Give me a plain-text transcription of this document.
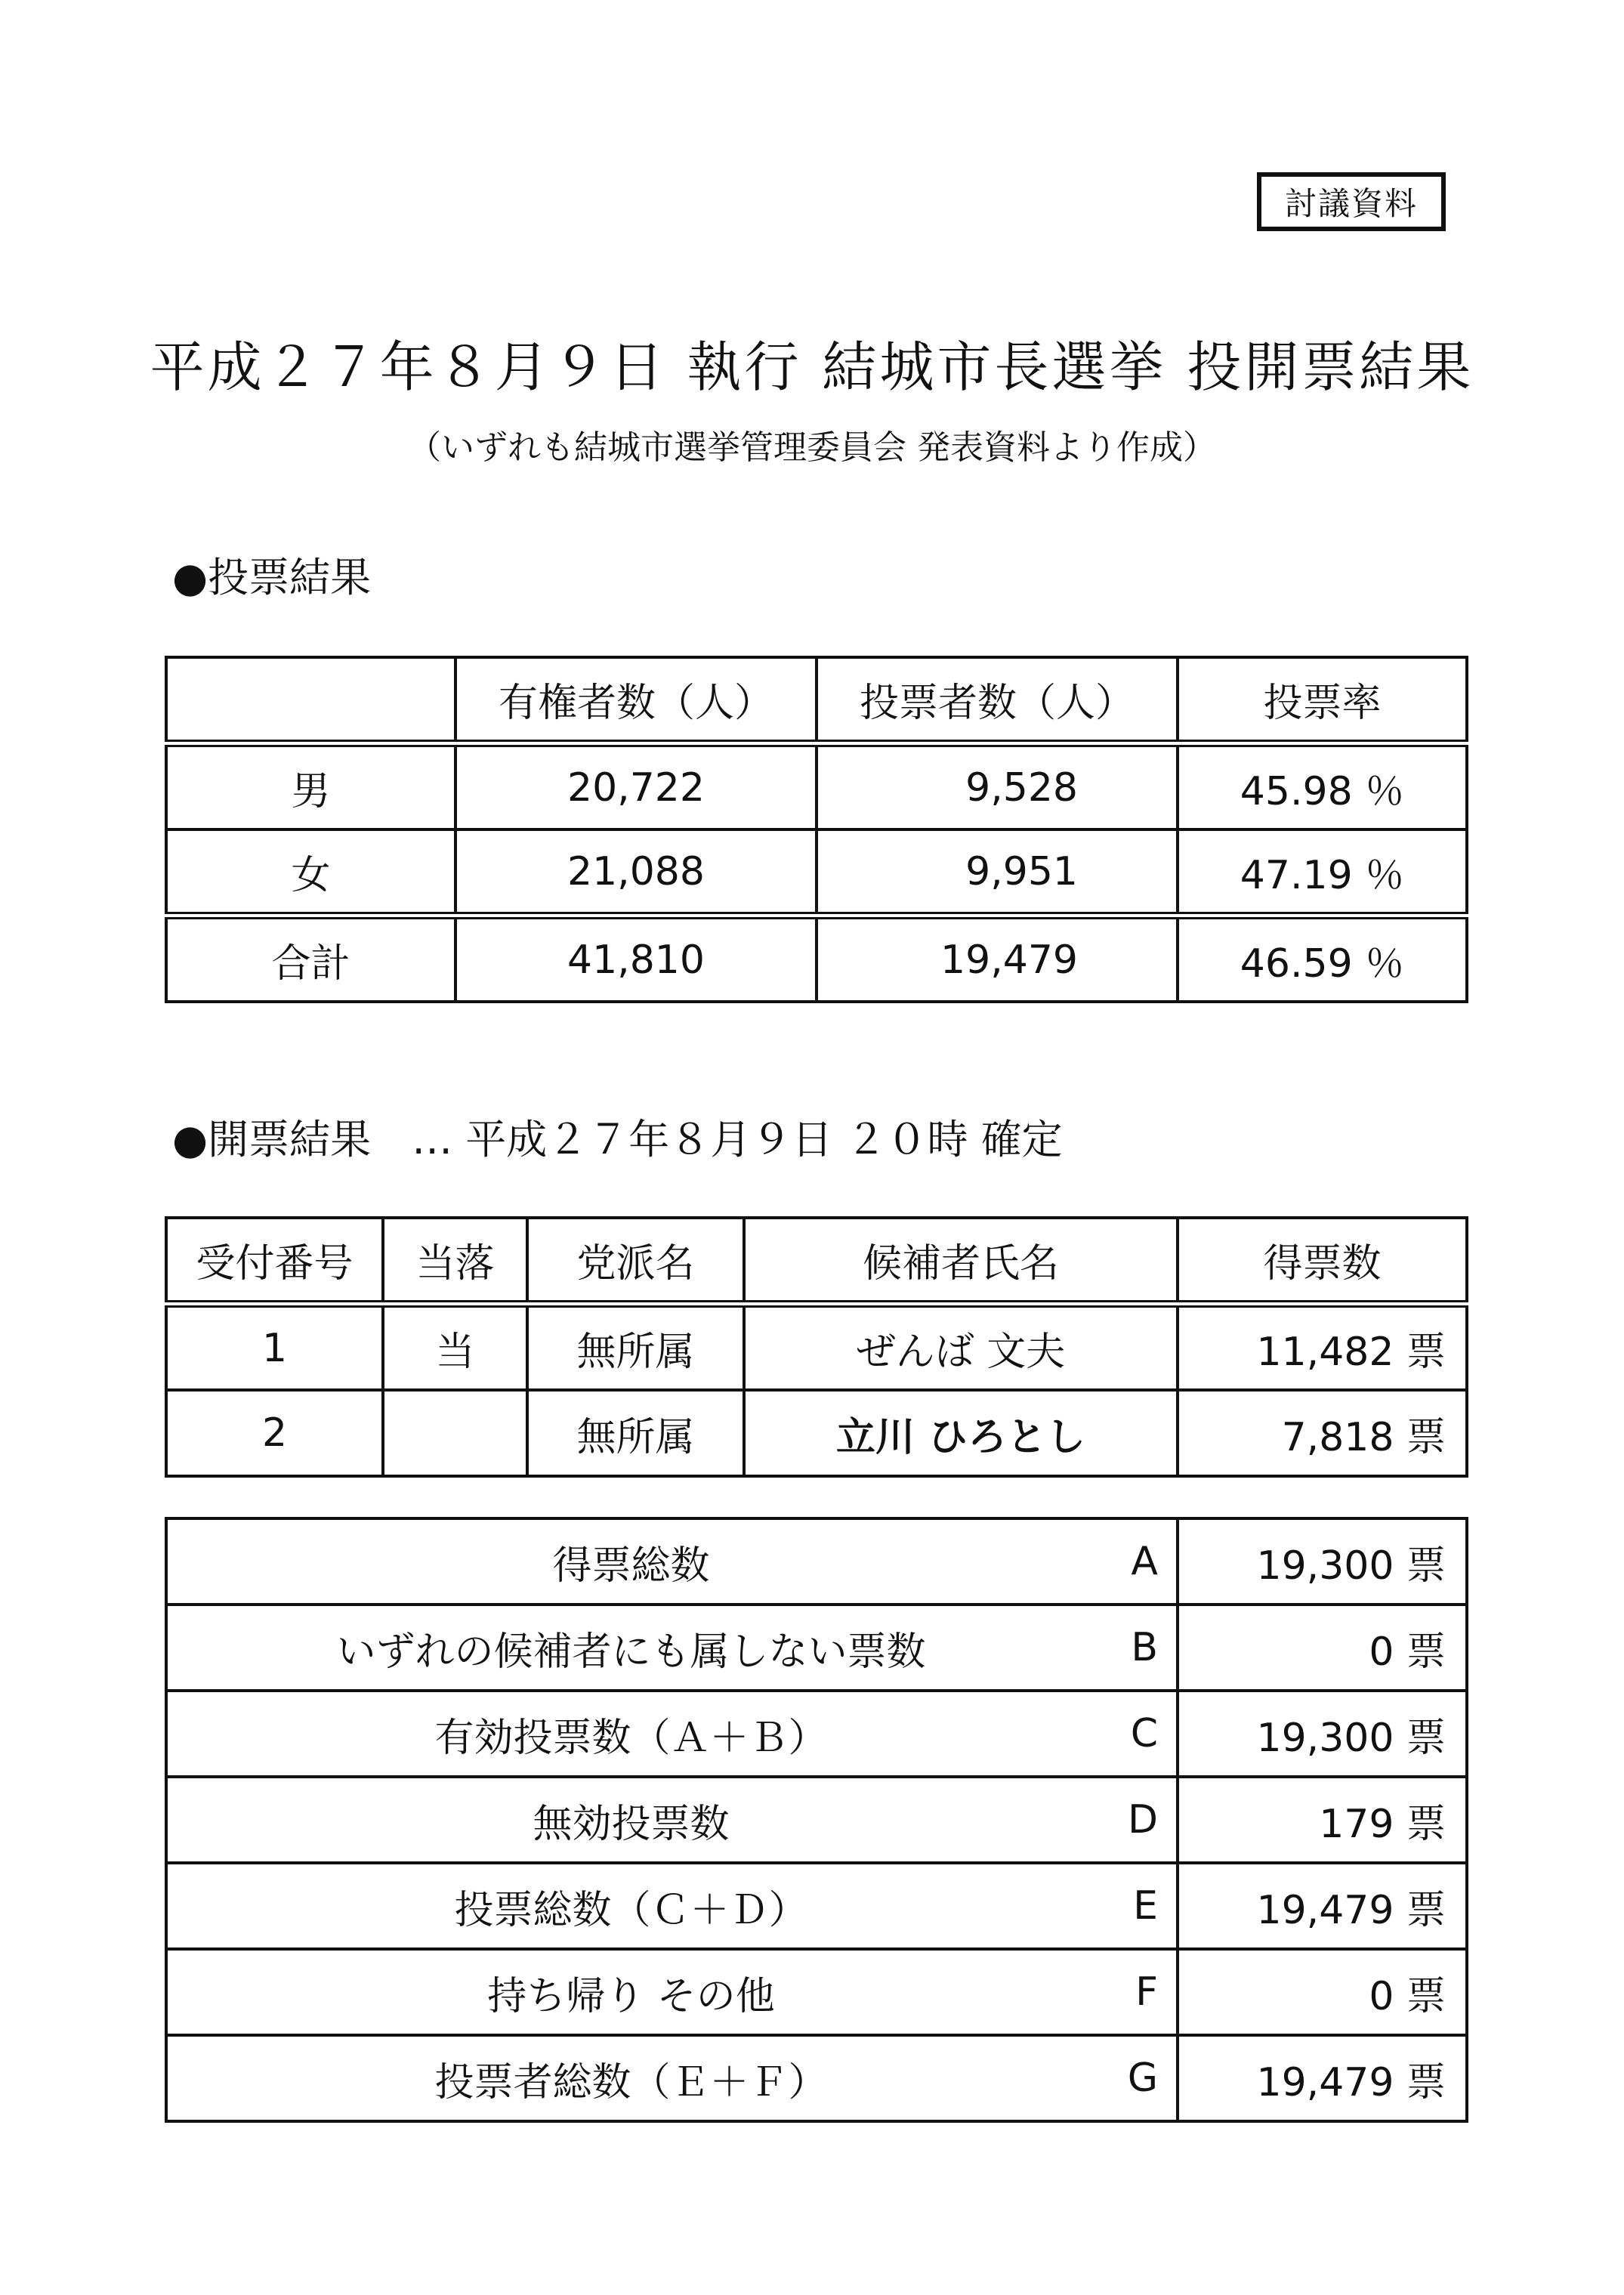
討議資料
平成２７年８月９日 執行 結城市長選挙 投開票結果
（いずれも結城市選挙管理委員会 発表資料より作成）
●投票結果
	有権者数（人）	投票者数（人）	投票率
男	20,722	9,528	45.98 ％
女	21,088	9,951	47.19 ％
合計	41,810	19,479	46.59 ％
●開票結果　… 平成２７年８月９日 ２０時 確定
受付番号	当落	党派名	候補者氏名	得票数
1	当	無所属	ぜんば 文夫	11,482 票
2		無所属	立川 ひろとし	7,818 票
得票総数	A	19,300 票
いずれの候補者にも属しない票数	B	0 票
有効投票数（Ａ＋Ｂ）	C	19,300 票
無効投票数	D	179 票
投票総数（Ｃ＋Ｄ）	E	19,479 票
持ち帰り その他	F	0 票
投票者総数（Ｅ＋Ｆ）	G	19,479 票
